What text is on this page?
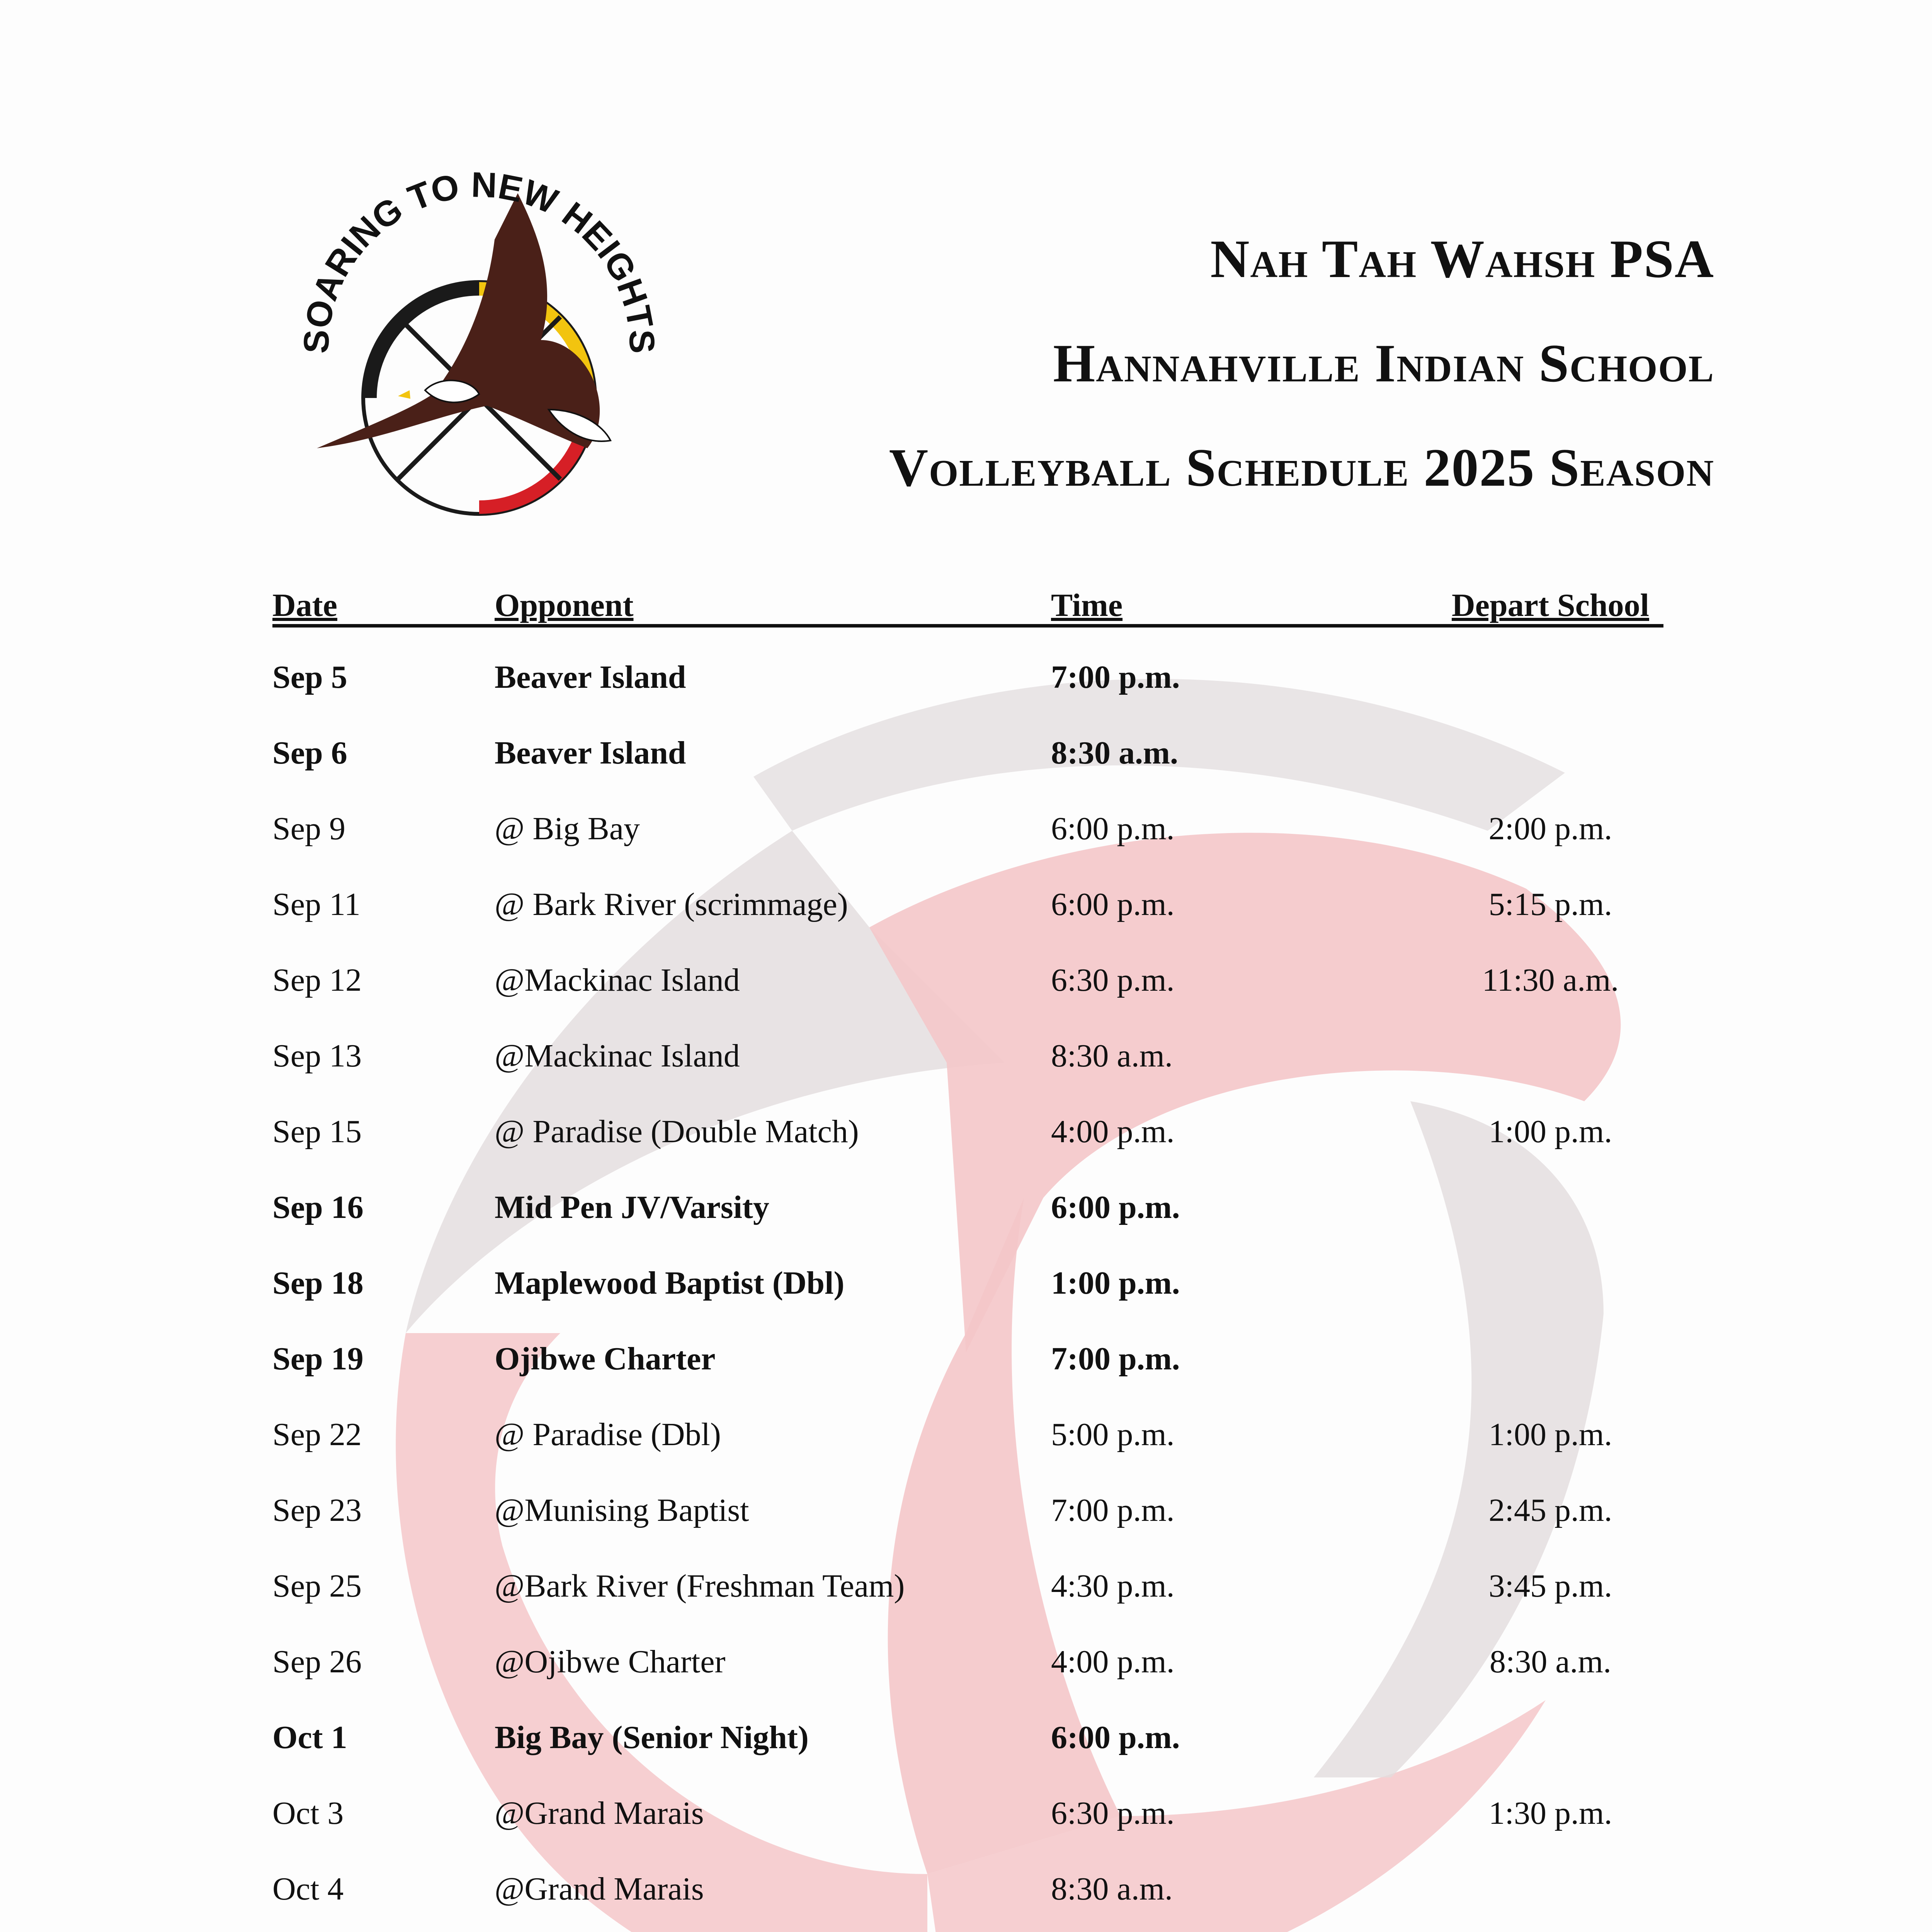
SOARING TO NEW HEIGHTS
Nah Tah Wahsh PSA
Hannahville Indian School
Volleyball Schedule 2025 Season
Date	Opponent	Time	Depart School

Sep 5	Beaver Island	7:00 p.m.	
Sep 6	Beaver Island	8:30 a.m.	
Sep 9	@ Big Bay	6:00 p.m.	2:00 p.m.
Sep 11	@ Bark River (scrimmage)	6:00 p.m.	5:15 p.m.
Sep 12	@Mackinac Island	6:30 p.m.	11:30 a.m.
Sep 13	@Mackinac Island	8:30 a.m.	
Sep 15	@ Paradise (Double Match)	4:00 p.m.	1:00 p.m.
Sep 16	Mid Pen JV/Varsity	6:00 p.m.	
Sep 18	Maplewood Baptist (Dbl)	1:00 p.m.	
Sep 19	Ojibwe Charter	7:00 p.m.	
Sep 22	@ Paradise (Dbl)	5:00 p.m.	1:00 p.m.
Sep 23	@Munising Baptist	7:00 p.m.	2:45 p.m.
Sep 25	@Bark River (Freshman Team)	4:30 p.m.	3:45 p.m.
Sep 26	@Ojibwe Charter	4:00 p.m.	8:30 a.m.
Oct 1	Big Bay (Senior Night)	6:00 p.m.	
Oct 3	@Grand Marais	6:30 p.m.	1:30 p.m.
Oct 4	@Grand Marais	8:30 a.m.	
